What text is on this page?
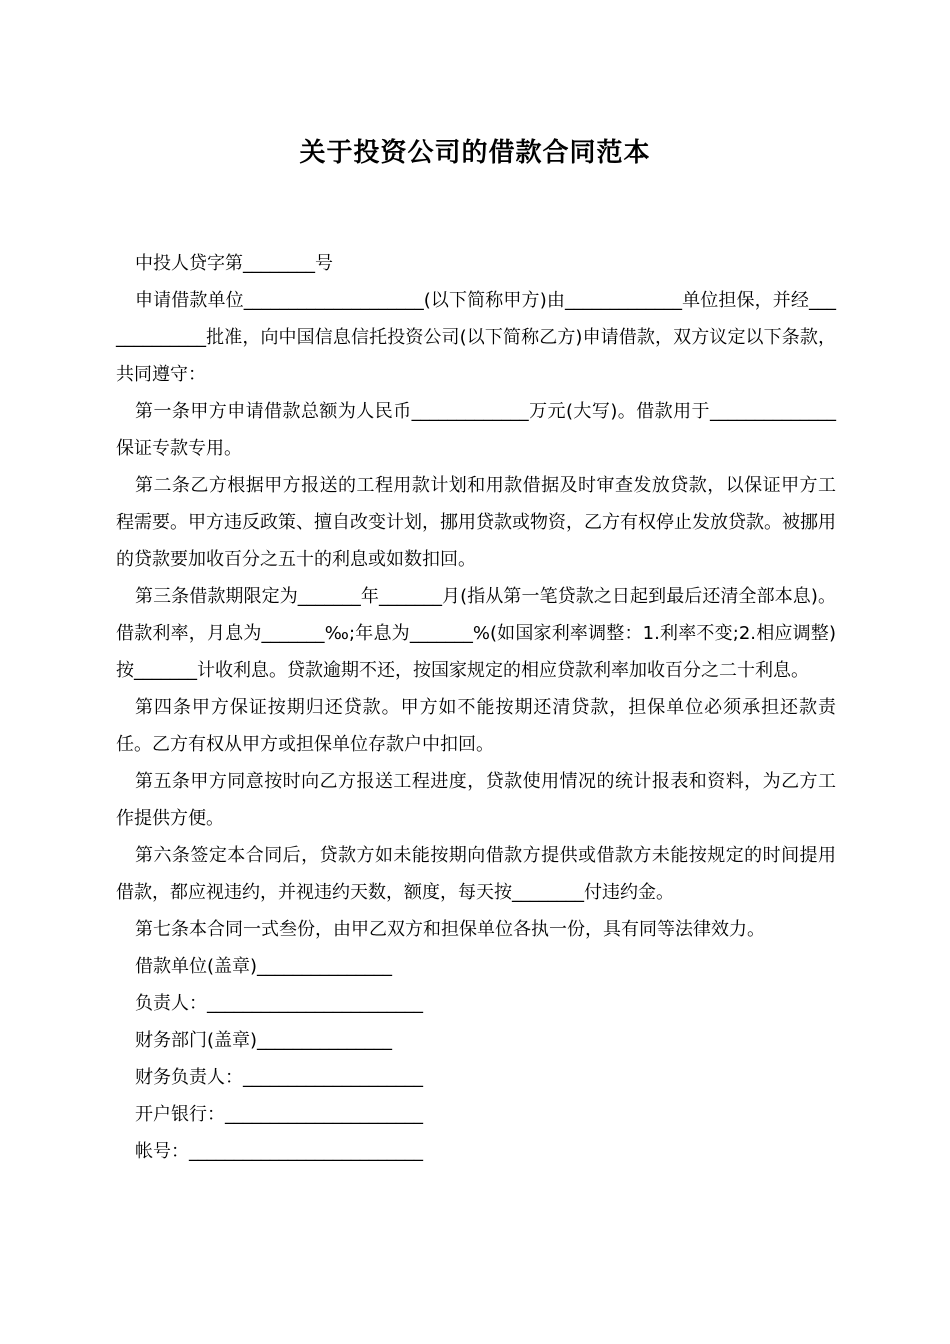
关于投资公司的借款合同范本

中投人贷字第________号

申请借款单位____________________(以下简称甲方)由_____________单位担保，并经_____________批准，向中国信息信托投资公司(以下简称乙方)申请借款，双方议定以下条款，共同遵守：

第一条甲方申请借款总额为人民币_____________万元(大写)。借款用于______________保证专款专用。

第二条乙方根据甲方报送的工程用款计划和用款借据及时审查发放贷款，以保证甲方工程需要。甲方违反政策、擅自改变计划，挪用贷款或物资，乙方有权停止发放贷款。被挪用的贷款要加收百分之五十的利息或如数扣回。

第三条借款期限定为_______年_______月(指从第一笔贷款之日起到最后还清全部本息)。借款利率，月息为_______‰;年息为_______%(如国家利率调整：1.利率不变;2.相应调整)按_______计收利息。贷款逾期不还，按国家规定的相应贷款利率加收百分之二十利息。

第四条甲方保证按期归还贷款。甲方如不能按期还清贷款，担保单位必须承担还款责任。乙方有权从甲方或担保单位存款户中扣回。

第五条甲方同意按时向乙方报送工程进度，贷款使用情况的统计报表和资料，为乙方工作提供方便。

第六条签定本合同后，贷款方如未能按期向借款方提供或借款方未能按规定的时间提用借款，都应视违约，并视违约天数，额度，每天按________付违约金。

第七条本合同一式叁份，由甲乙双方和担保单位各执一份，具有同等法律效力。

借款单位(盖章)_______________

负责人：________________________

财务部门(盖章)_______________

财务负责人：____________________

开户银行：______________________

帐号：__________________________
